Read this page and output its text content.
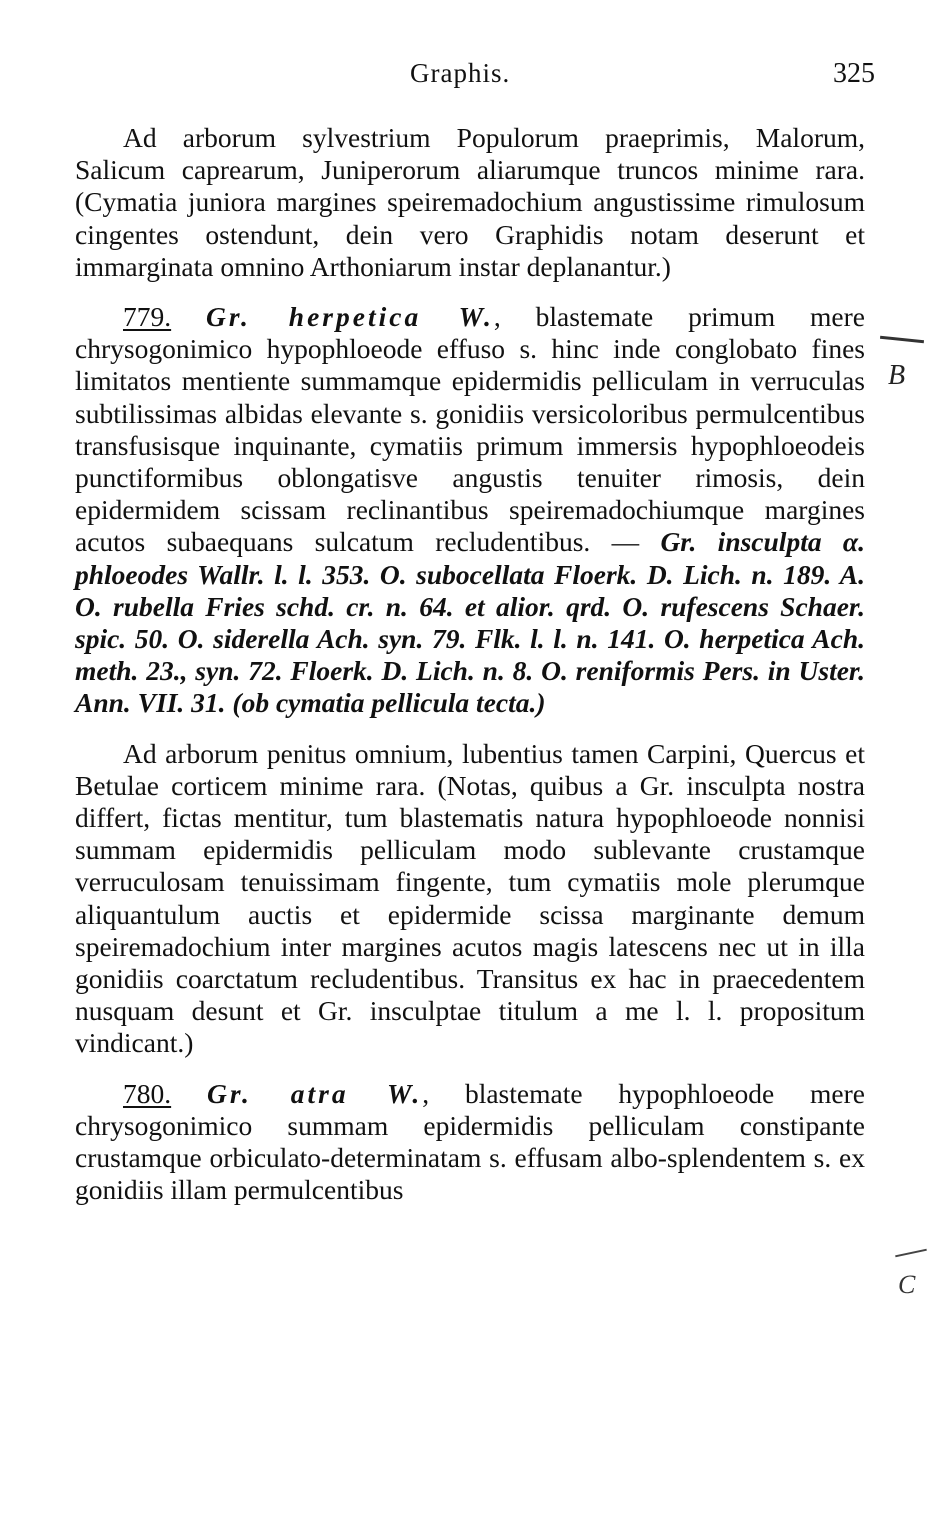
Graphis.	325

Ad arborum sylvestrium Populorum praeprimis, Malorum, Salicum caprearum, Juniperorum aliarumque truncos minime rara. (Cymatia juniora margines speiremadochium angustissime rimulosum cingentes ostendunt, dein vero Graphidis notam deserunt et immarginata omnino Arthoniarum instar deplanantur.)

779. Gr. herpetica W., blastemate primum mere chrysogonimico hypophloeode effuso s. hinc inde conglobato fines limitatos mentiente summamque epidermidis pelliculam in verruculas subtilissimas albidas elevante s. gonidiis versicoloribus permulcentibus transfusisque inquinante, cymatiis primum immersis hypophloeodeis punctiformibus oblongatisve angustis tenuiter rimosis, dein epidermidem scissam reclinantibus speiremadochiumque margines acutos subaequans sulcatum recludentibus. — Gr. insculpta α. phloeodes Wallr. l. l. 353. O. subocellata Floerk. D. Lich. n. 189. A. O. rubella Fries schd. cr. n. 64. et alior. qrd. O. rufescens Schaer. spic. 50. O. siderella Ach. syn. 79. Flk. l. l. n. 141. O. herpetica Ach. meth. 23., syn. 72. Floerk. D. Lich. n. 8. O. reniformis Pers. in Uster. Ann. VII. 31. (ob cymatia pellicula tecta.)

Ad arborum penitus omnium, lubentius tamen Carpini, Quercus et Betulae corticem minime rara. (Notas, quibus a Gr. insculpta nostra differt, fictas mentitur, tum blastematis natura hypophloeode nonnisi summam epidermidis pelliculam modo sublevante crustamque verruculosam tenuissimam fingente, tum cymatiis mole plerumque aliquantulum auctis et epidermide scissa marginante demum speiremadochium inter margines acutos magis latescens nec ut in illa gonidiis coarctatum recludentibus. Transitus ex hac in praecedentem nusquam desunt et Gr. insculptae titulum a me l. l. propositum vindicant.)

780. Gr. atra W., blastemate hypophloeode mere chrysogonimico summam epidermidis pelliculam constipante crustamque orbiculato-determinatam s. effusam albo-splendentem s. ex gonidiis illam permulcentibus

B
C
